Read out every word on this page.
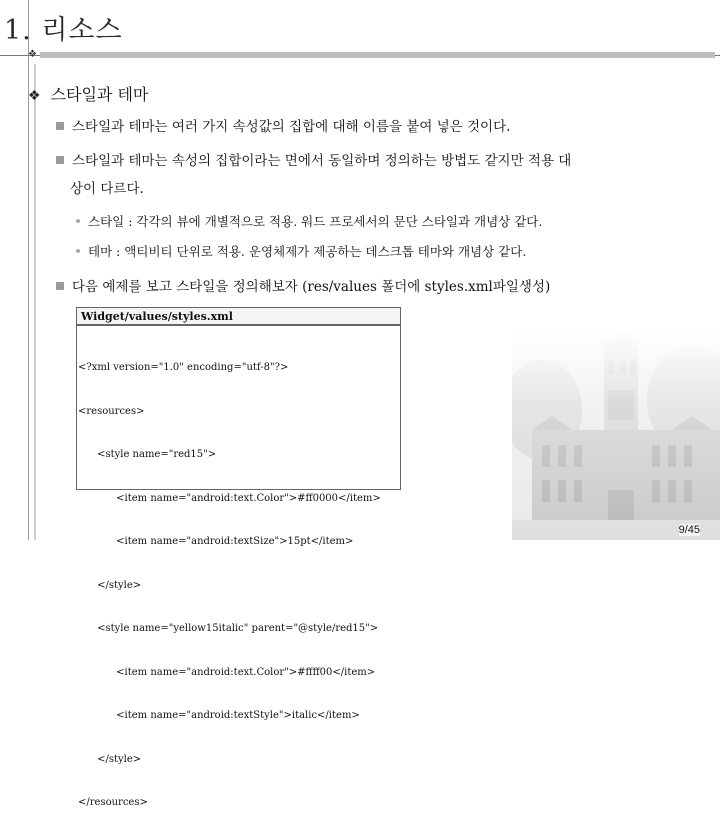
1. 리소스
❖
❖ 스타일과 테마
스타일과 테마는 여러 가지 속성값의 집합에 대해 이름을 붙여 넣은 것이다.
스타일과 테마는 속성의 집합이라는 면에서 동일하며 정의하는 방법도 같지만 적용 대
상이 다르다.
스타일 : 각각의 뷰에 개별적으로 적용. 워드 프로세서의 문단 스타일과 개념상 같다.
테마 : 액티비티 단위로 적용. 운영체제가 제공하는 데스크톱 테마와 개념상 같다.
다음 예제를 보고 스타일을 정의해보자 (res/values 폴더에 styles.xml파일생성)
Widget/values/styles.xml

<?xml version="1.0" encoding="utf-8"?>

<resources>

<style name="red15">

<item name="android:text.Color">#ff0000</item>

<item name="android:textSize">15pt</item>

</style>

<style name="yellow15italic" parent="@style/red15">

<item name="android:text.Color">#ffff00</item>

<item name="android:textStyle">italic</item>

</style>

</resources>

9/45
